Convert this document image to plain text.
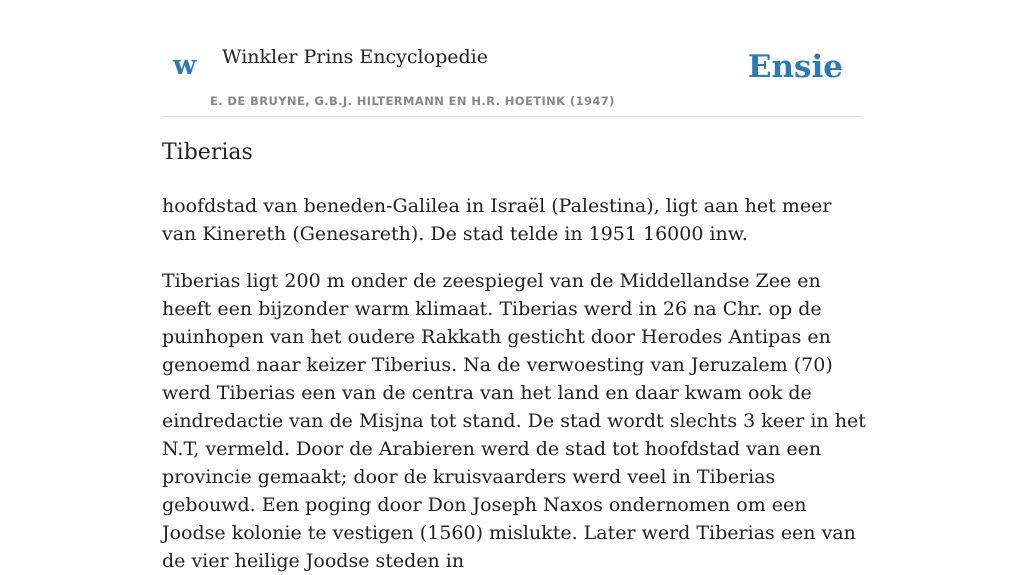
w Winkler Prins Encyclopedie
E. DE BRUYNE, G.B.J. HILTERMANN EN H.R. HOETINK (1947)
Ensie
Tiberias

hoofdstad van beneden-Galilea in Israël (Palestina), ligt aan het meer van Kinereth (Genesareth). De stad telde in 1951 16000 inw.

Tiberias ligt 200 m onder de zeespiegel van de Middellandse Zee en heeft een bijzonder warm klimaat. Tiberias werd in 26 na Chr. op de puinhopen van het oudere Rakkath gesticht door Herodes Antipas en genoemd naar keizer Tiberius. Na de verwoesting van Jeruzalem (70) werd Tiberias een van de centra van het land en daar kwam ook de eindredactie van de Misjna tot stand. De stad wordt slechts 3 keer in het N.T, vermeld. Door de Arabieren werd de stad tot hoofdstad van een provincie gemaakt; door de kruisvaarders werd veel in Tiberias gebouwd. Een poging door Don Joseph Naxos ondernomen om een Joodse kolonie te vestigen (1560) mislukte. Later werd Tiberias een van de vier heilige Joodse steden in
